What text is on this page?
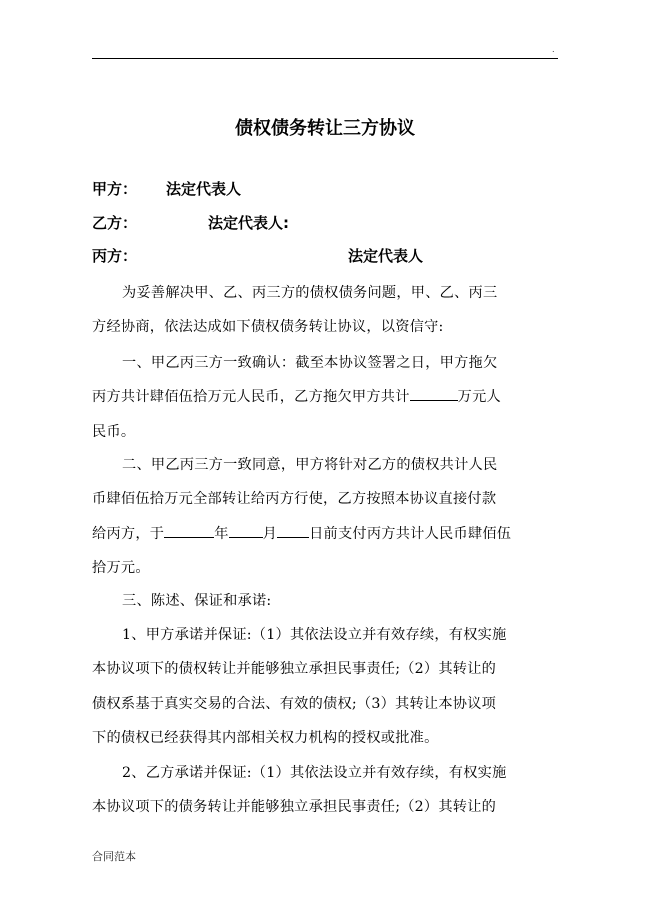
.
债权债务转让三方协议
甲方： 法定代表人
乙方：	法定代表人:
丙方：	法定代表人
为妥善解决甲、乙、丙三方的债权债务问题，甲、乙、丙三
方经协商，依法达成如下债权债务转让协议，以资信守:
一、甲乙丙三方一致确认：截至本协议签署之日，甲方拖欠
丙方共计肆佰伍拾万元人民币，乙方拖欠甲方共计	万元人
民币。
二、甲乙丙三方一致同意，甲方将针对乙方的债权共计人民
币肆佰伍拾万元全部转让给丙方行使，乙方按照本协议直接付款
给丙方，于	年 月 日前支付丙方共计人民币肆佰伍
拾万元。
三、陈述、保证和承诺:
1、甲方承诺并保证:（1）其依法设立并有效存续，有权实施
本协议项下的债权转让并能够独立承担民事责任;（2）其转让的
债权系基于真实交易的合法、有效的债权;（3）其转让本协议项
下的债权已经获得其内部相关权力机构的授权或批准。
2、乙方承诺并保证:（1）其依法设立并有效存续，有权实施
本协议项下的债务转让并能够独立承担民事责任;（2）其转让的
合同范本
